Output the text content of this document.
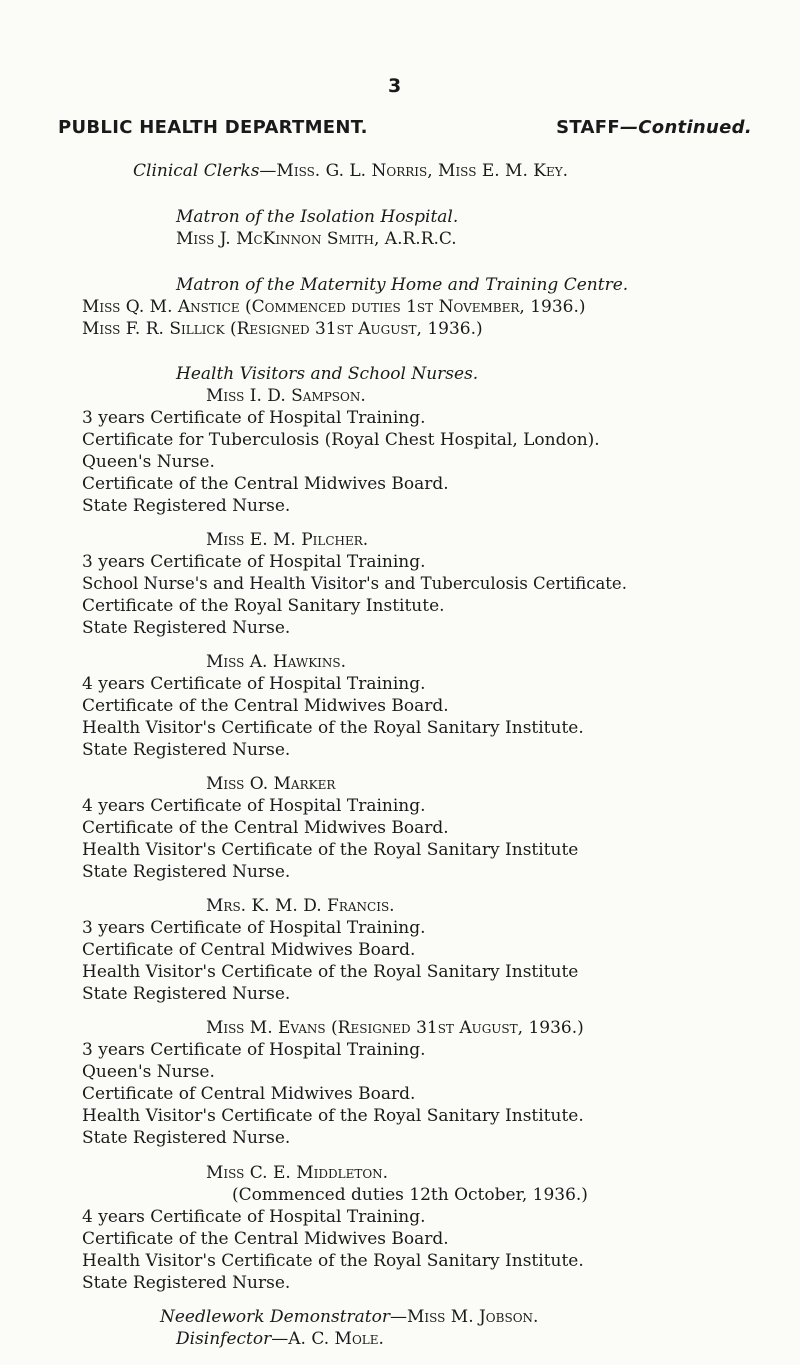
3
PUBLIC HEALTH DEPARTMENT.	STAFF—Continued.
Clinical Clerks—Miss. G. L. Norris, Miss E. M. Key.
Matron of the Isolation Hospital.
Miss J. McKinnon Smith, A.R.R.C.
Matron of the Maternity Home and Training Centre.
Miss Q. M. Anstice (Commenced duties 1st November, 1936.)
Miss F. R. Sillick (Resigned 31st August, 1936.)
Health Visitors and School Nurses.
Miss I. D. Sampson.
3 years Certificate of Hospital Training.
Certificate for Tuberculosis (Royal Chest Hospital, London).
Queen's Nurse.
Certificate of the Central Midwives Board.
State Registered Nurse.
Miss E. M. Pilcher.
3 years Certificate of Hospital Training.
School Nurse's and Health Visitor's and Tuberculosis Certificate.
Certificate of the Royal Sanitary Institute.
State Registered Nurse.
Miss A. Hawkins.
4 years Certificate of Hospital Training.
Certificate of the Central Midwives Board.
Health Visitor's Certificate of the Royal Sanitary Institute.
State Registered Nurse.
Miss O. Marker
4 years Certificate of Hospital Training.
Certificate of the Central Midwives Board.
Health Visitor's Certificate of the Royal Sanitary Institute
State Registered Nurse.
Mrs. K. M. D. Francis.
3 years Certificate of Hospital Training.
Certificate of Central Midwives Board.
Health Visitor's Certificate of the Royal Sanitary Institute
State Registered Nurse.
Miss M. Evans (Resigned 31st August, 1936.)
3 years Certificate of Hospital Training.
Queen's Nurse.
Certificate of Central Midwives Board.
Health Visitor's Certificate of the Royal Sanitary Institute.
State Registered Nurse.
Miss C. E. Middleton.
(Commenced duties 12th October, 1936.)
4 years Certificate of Hospital Training.
Certificate of the Central Midwives Board.
Health Visitor's Certificate of the Royal Sanitary Institute.
State Registered Nurse.
Needlework Demonstrator—Miss M. Jobson.
Disinfector—A. C. Mole.
